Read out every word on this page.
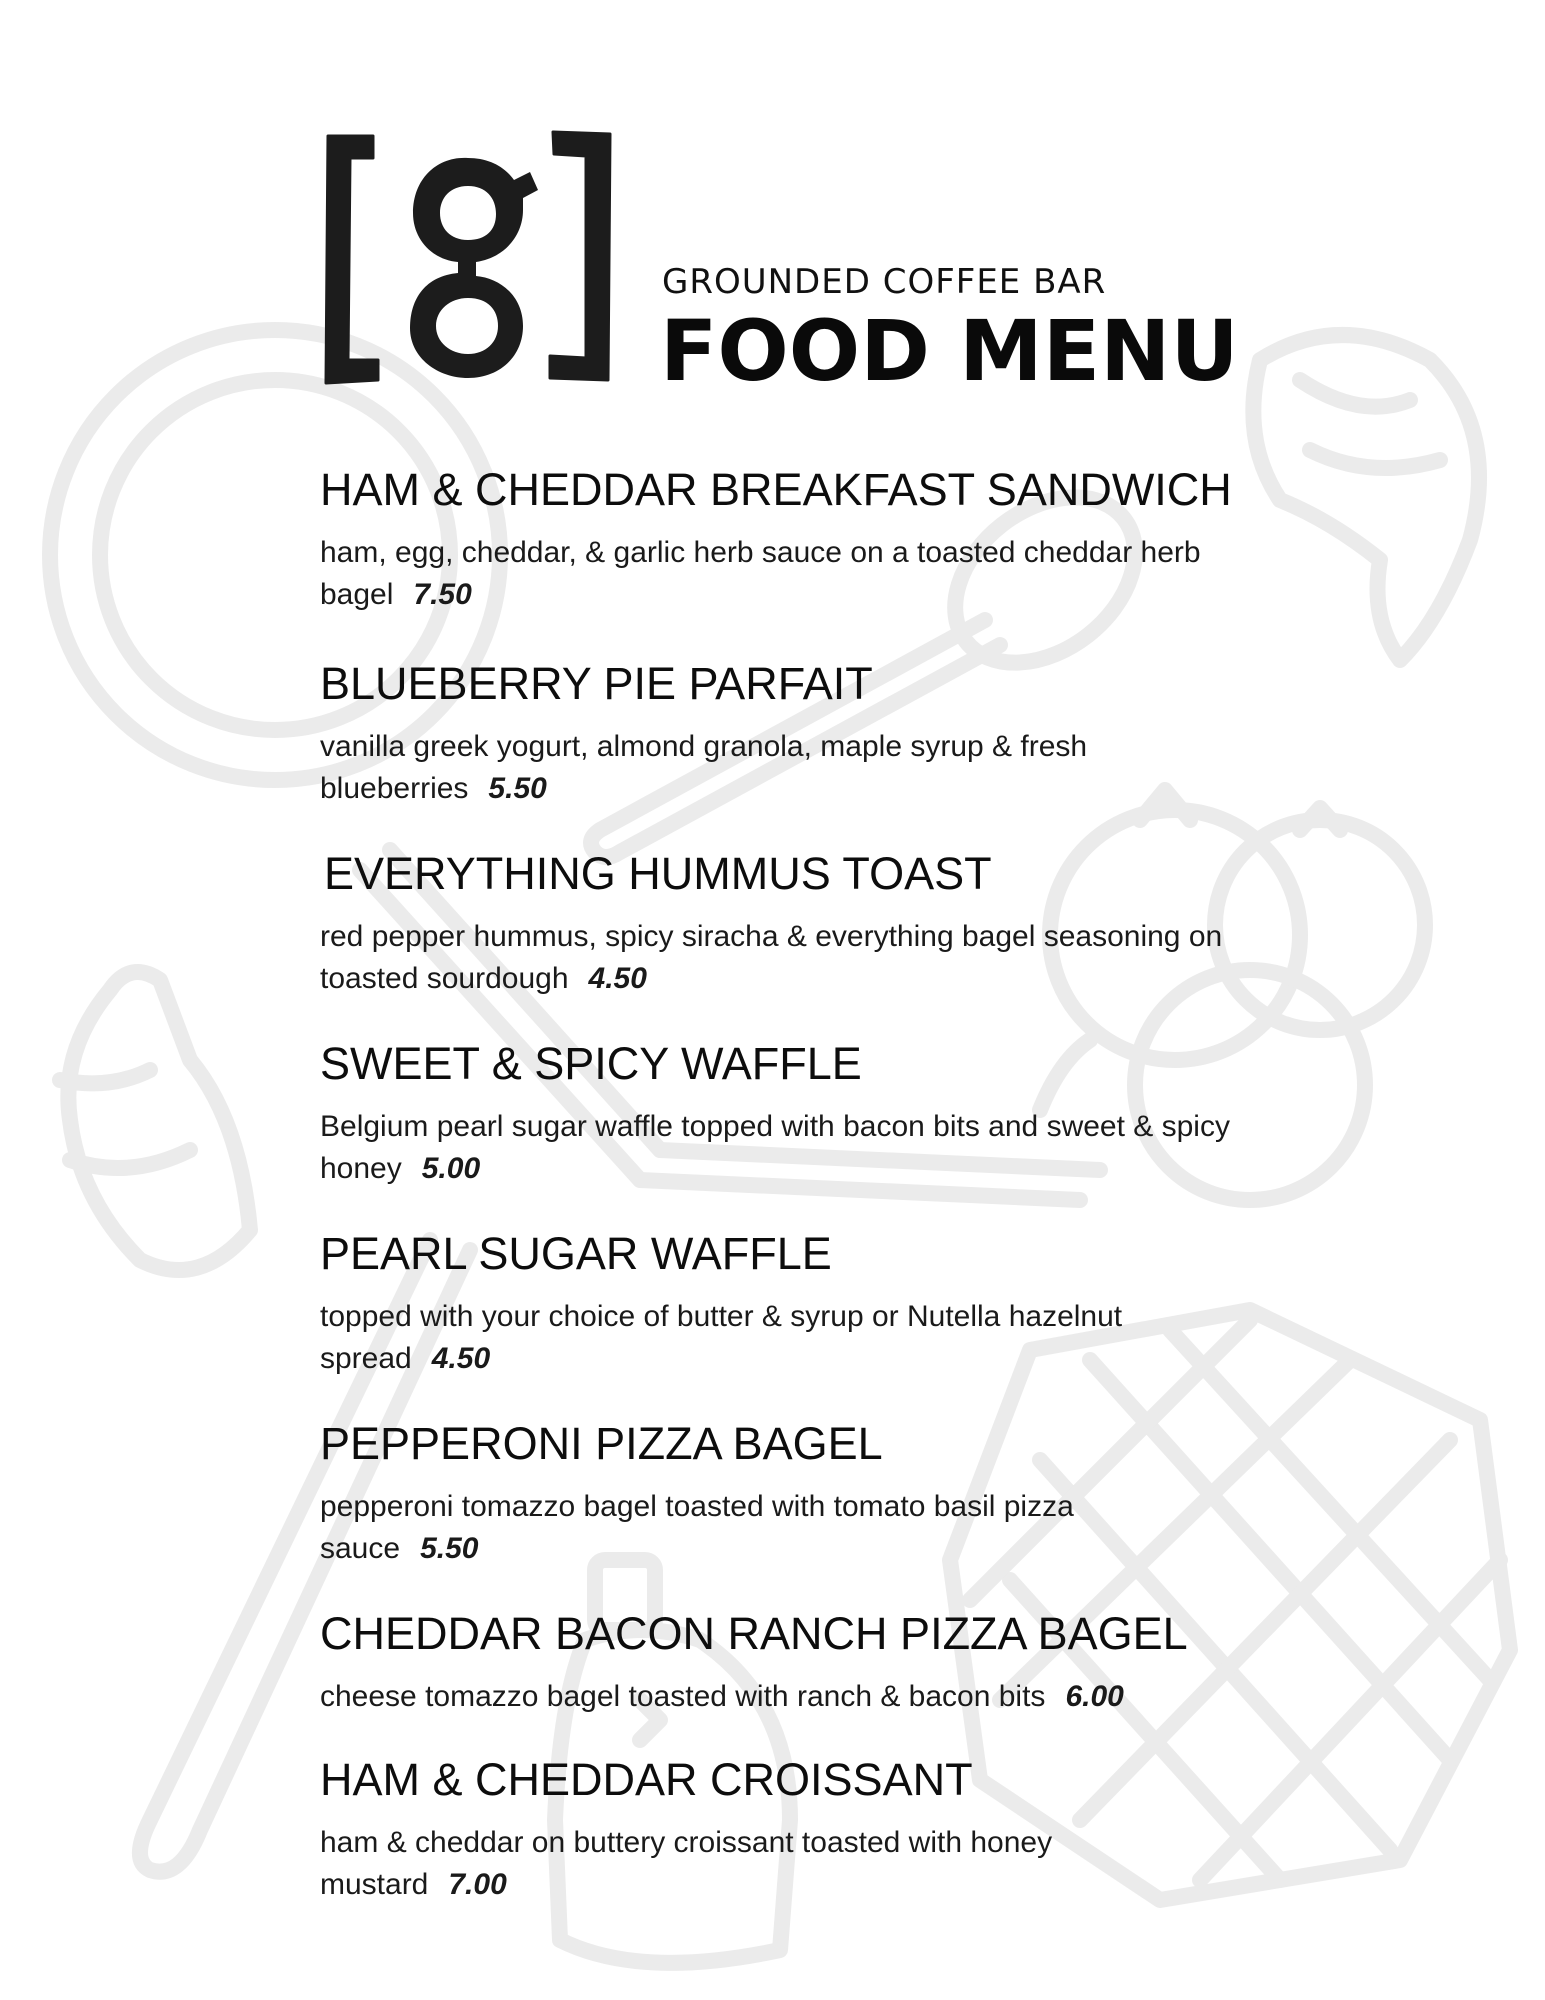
GROUNDED COFFEE BAR
FOOD MENU
HAM & CHEDDAR BREAKFAST SANDWICH
ham, egg, cheddar, & garlic herb sauce on a toasted cheddar herb bagel 7.50
BLUEBERRY PIE PARFAIT
vanilla greek yogurt, almond granola, maple syrup & fresh blueberries 5.50
EVERYTHING HUMMUS TOAST
red pepper hummus, spicy siracha & everything bagel seasoning on toasted sourdough 4.50
SWEET & SPICY WAFFLE
Belgium pearl sugar waffle topped with bacon bits and sweet & spicy honey 5.00
PEARL SUGAR WAFFLE
topped with your choice of butter & syrup or Nutella hazelnut spread 4.50
PEPPERONI PIZZA BAGEL
pepperoni tomazzo bagel toasted with tomato basil pizza sauce 5.50
CHEDDAR BACON RANCH PIZZA BAGEL
cheese tomazzo bagel toasted with ranch & bacon bits 6.00
HAM & CHEDDAR CROISSANT
ham & cheddar on buttery croissant toasted with honey mustard 7.00
